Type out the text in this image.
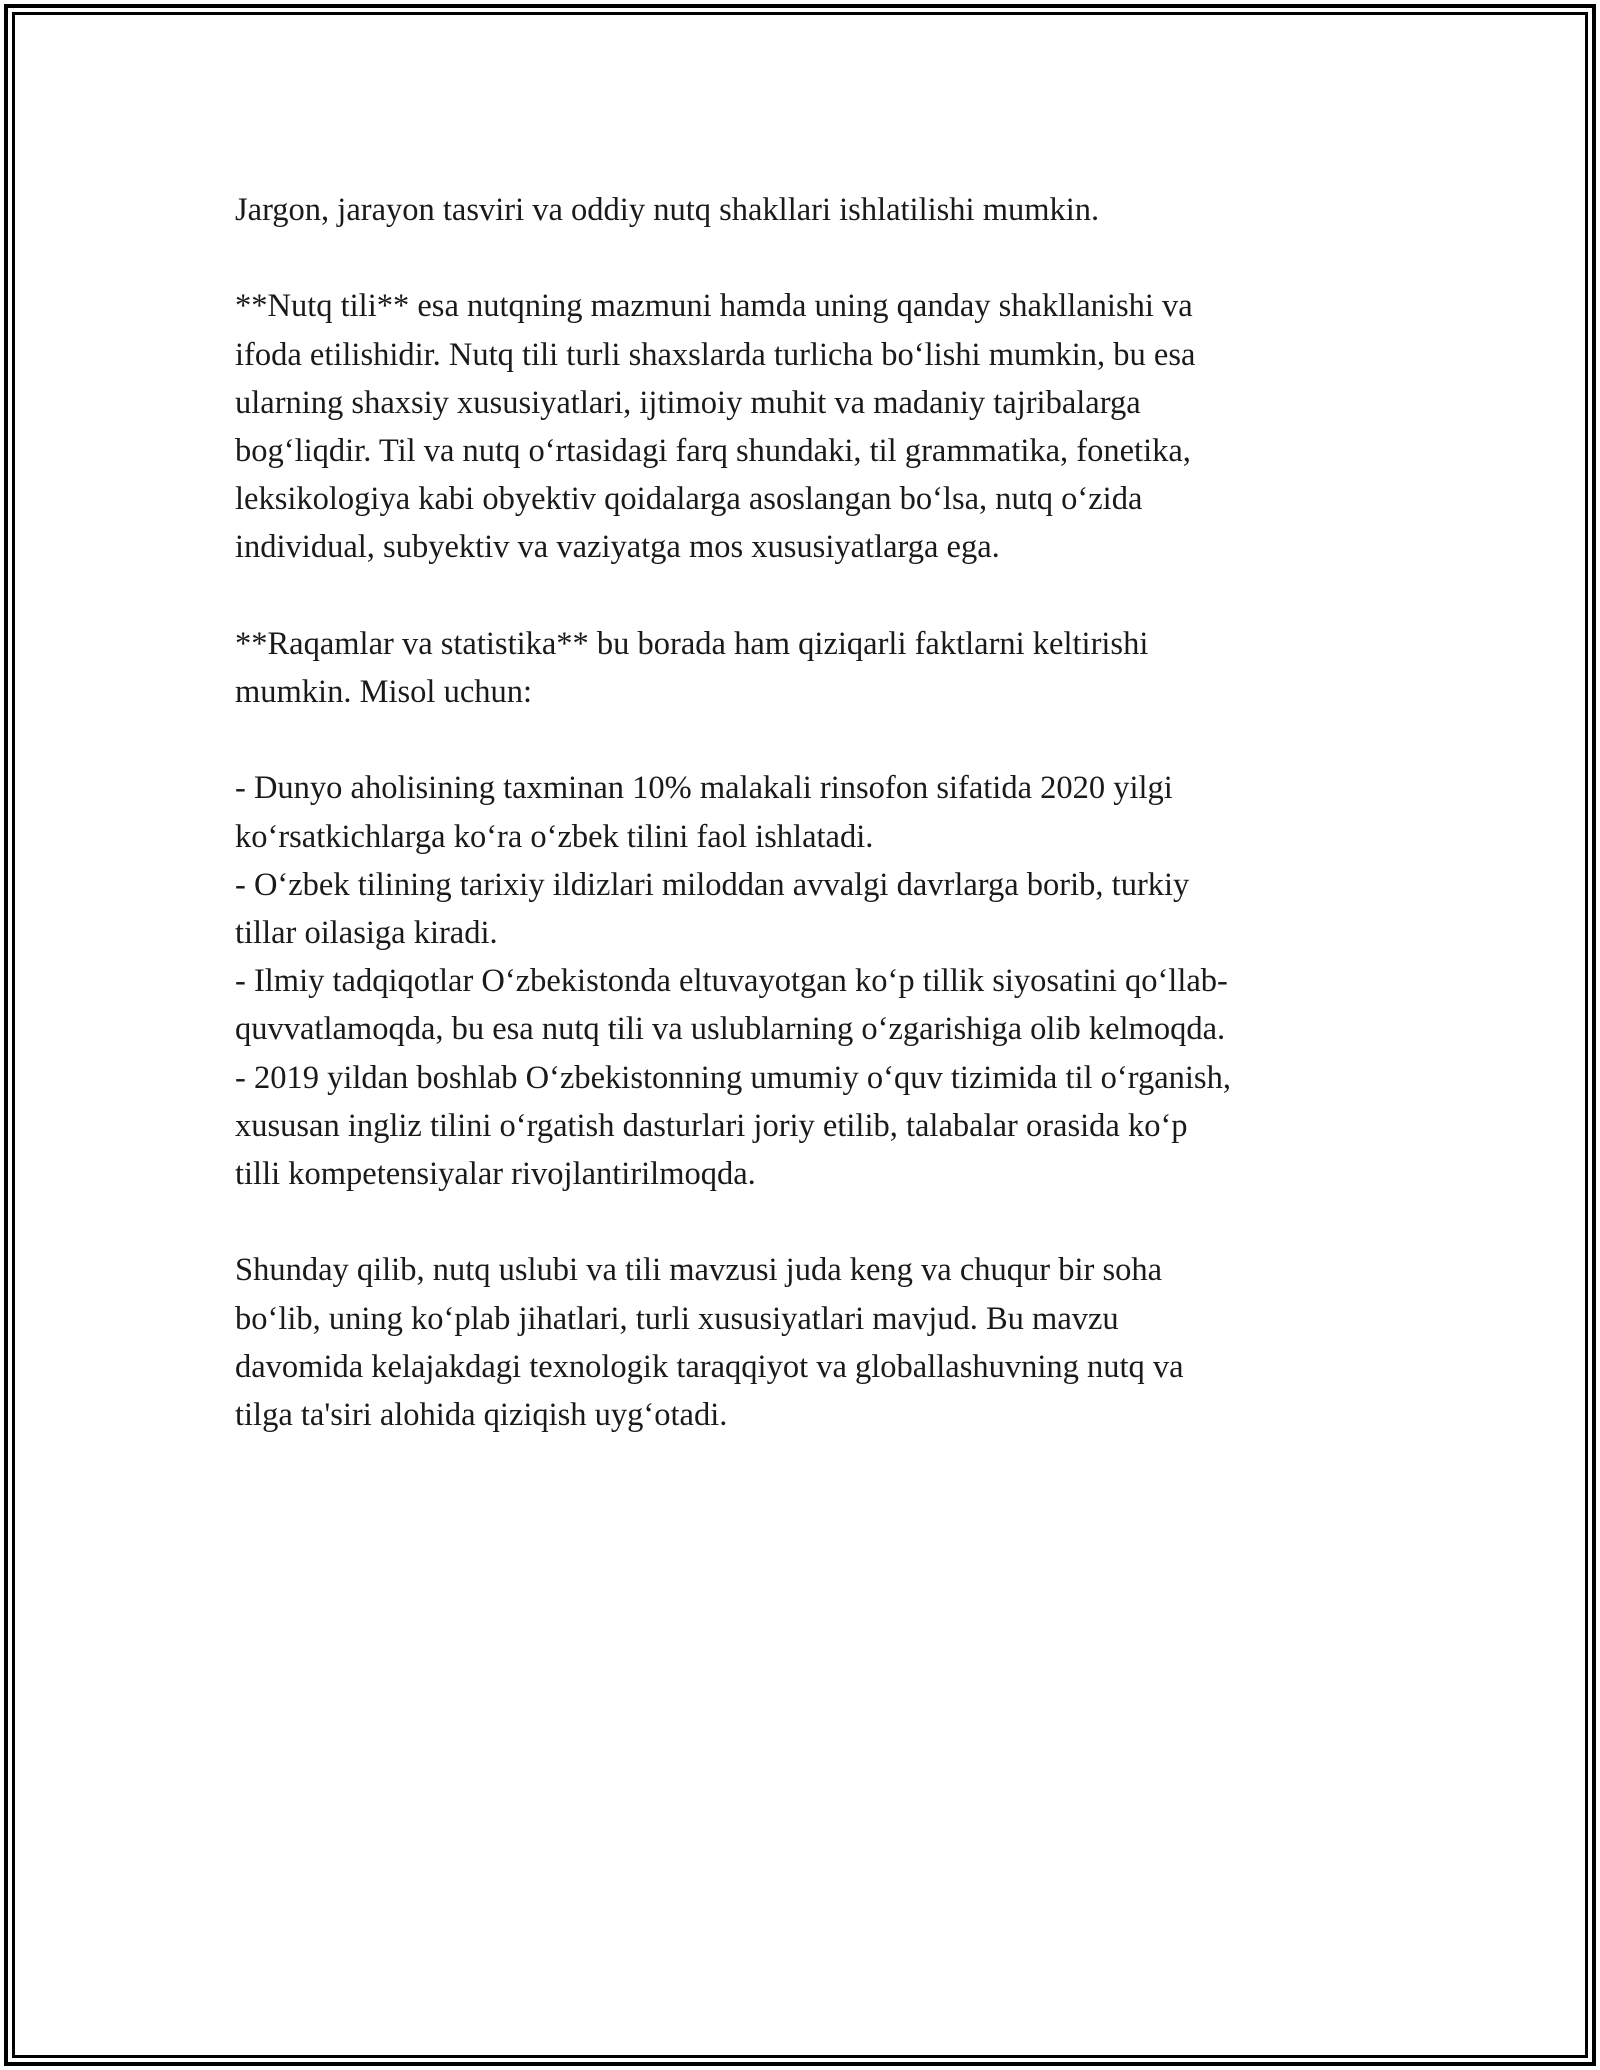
Jargon, jarayon tasviri va oddiy nutq shakllari ishlatilishi mumkin.

**Nutq tili** esa nutqning mazmuni hamda uning qanday shakllanishi va
ifoda etilishidir. Nutq tili turli shaxslarda turlicha bo‘lishi mumkin, bu esa
ularning shaxsiy xususiyatlari, ijtimoiy muhit va madaniy tajribalarga
bog‘liqdir. Til va nutq o‘rtasidagi farq shundaki, til grammatika, fonetika,
leksikologiya kabi obyektiv qoidalarga asoslangan bo‘lsa, nutq o‘zida
individual, subyektiv va vaziyatga mos xususiyatlarga ega.

**Raqamlar va statistika** bu borada ham qiziqarli faktlarni keltirishi
mumkin. Misol uchun:

- Dunyo aholisining taxminan 10% malakali rinsofon sifatida 2020 yilgi
ko‘rsatkichlarga ko‘ra o‘zbek tilini faol ishlatadi.
- O‘zbek tilining tarixiy ildizlari miloddan avvalgi davrlarga borib, turkiy
tillar oilasiga kiradi.
- Ilmiy tadqiqotlar O‘zbekistonda eltuvayotgan ko‘p tillik siyosatini qo‘llab-
quvvatlamoqda, bu esa nutq tili va uslublarning o‘zgarishiga olib kelmoqda.
- 2019 yildan boshlab O‘zbekistonning umumiy o‘quv tizimida til o‘rganish,
xususan ingliz tilini o‘rgatish dasturlari joriy etilib, talabalar orasida ko‘p
tilli kompetensiyalar rivojlantirilmoqda.

Shunday qilib, nutq uslubi va tili mavzusi juda keng va chuqur bir soha
bo‘lib, uning ko‘plab jihatlari, turli xususiyatlari mavjud. Bu mavzu
davomida kelajakdagi texnologik taraqqiyot va globallashuvning nutq va
tilga ta'siri alohida qiziqish uyg‘otadi.
